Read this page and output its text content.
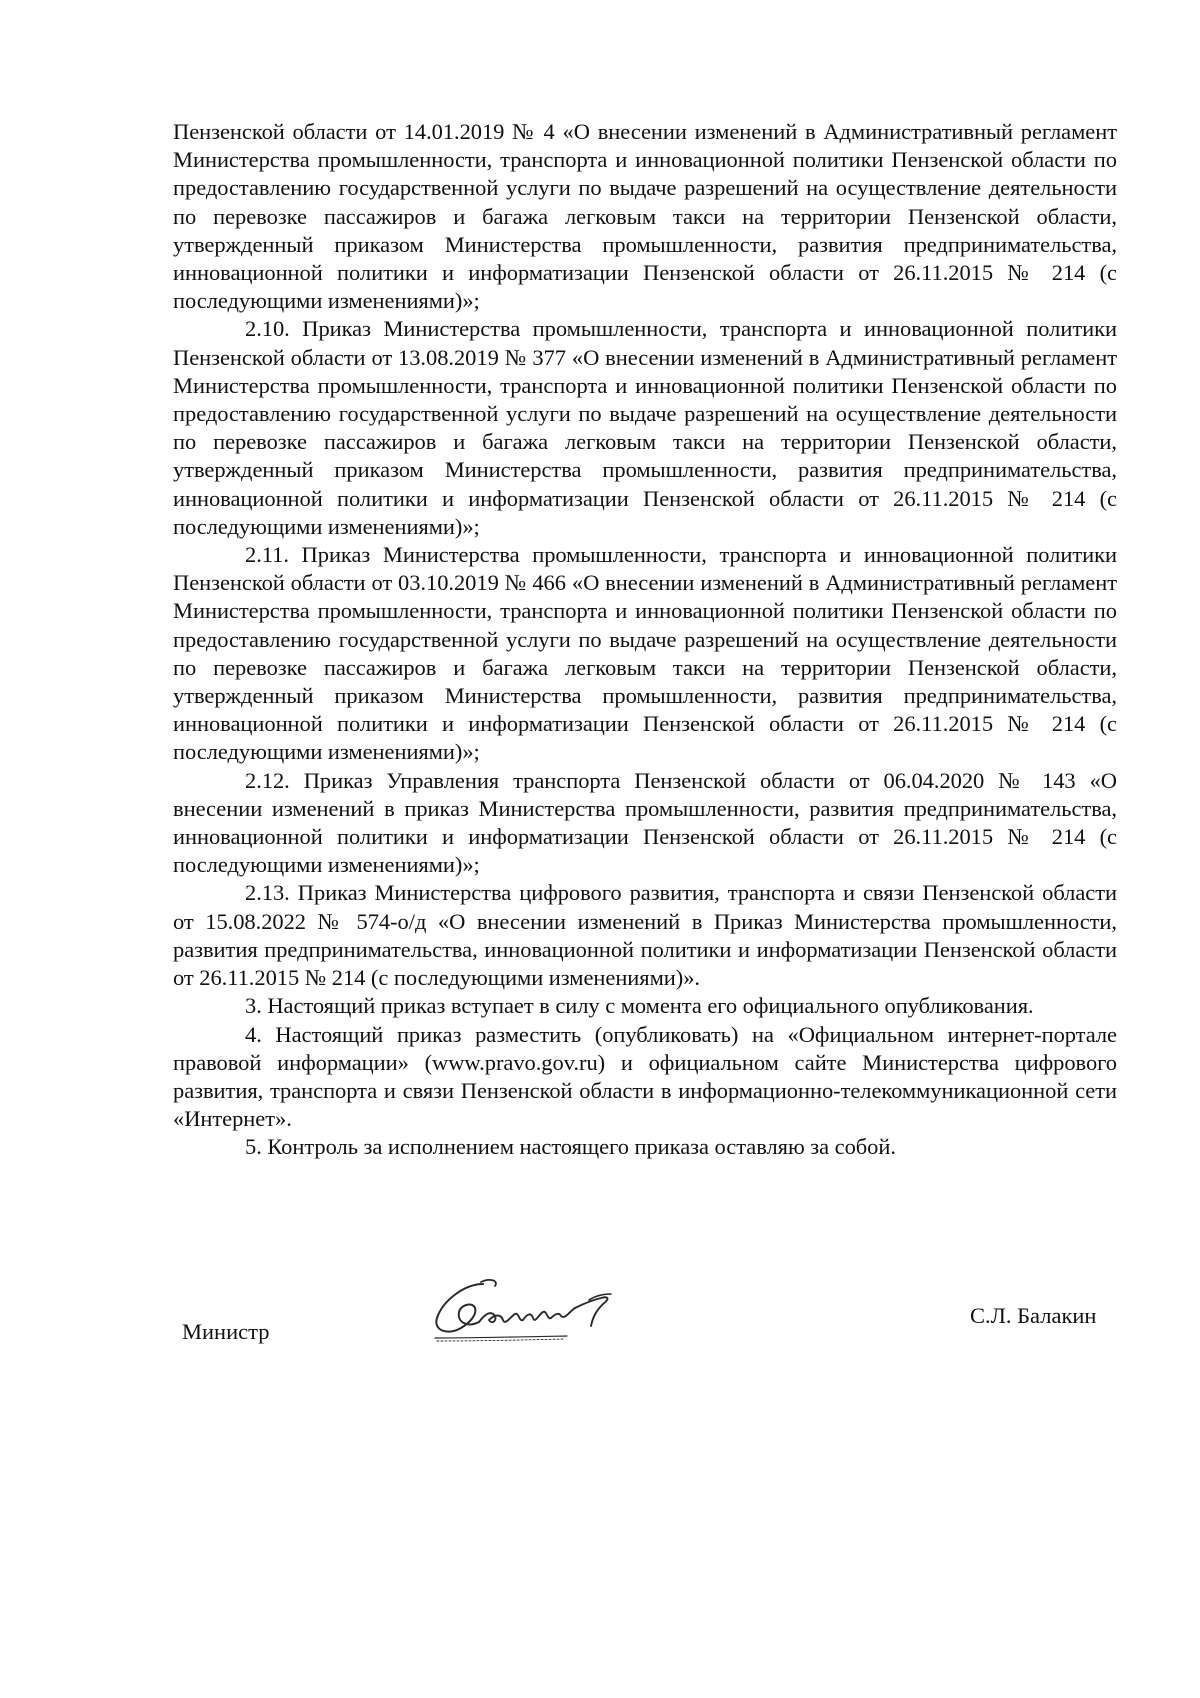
Пензенской области от 14.01.2019 № 4 «О внесении изменений в Административный регламент Министерства промышленности, транспорта и инновационной политики Пензенской области по предоставлению государственной услуги по выдаче разрешений на осуществление деятельности по перевозке пассажиров и багажа легковым такси на территории Пензенской области, утвержденный приказом Министерства промышленности, развития предпринимательства, инновационной политики и информатизации Пензенской области от 26.11.2015 № 214 (с последующими изменениями)»;

2.10. Приказ Министерства промышленности, транспорта и инновационной политики Пензенской области от 13.08.2019 № 377 «О внесении изменений в Административный регламент Министерства промышленности, транспорта и инновационной политики Пензенской области по предоставлению государственной услуги по выдаче разрешений на осуществление деятельности по перевозке пассажиров и багажа легковым такси на территории Пензенской области, утвержденный приказом Министерства промышленности, развития предпринимательства, инновационной политики и информатизации Пензенской области от 26.11.2015 № 214 (с последующими изменениями)»;

2.11. Приказ Министерства промышленности, транспорта и инновационной политики Пензенской области от 03.10.2019 № 466 «О внесении изменений в Административный регламент Министерства промышленности, транспорта и инновационной политики Пензенской области по предоставлению государственной услуги по выдаче разрешений на осуществление деятельности по перевозке пассажиров и багажа легковым такси на территории Пензенской области, утвержденный приказом Министерства промышленности, развития предпринимательства, инновационной политики и информатизации Пензенской области от 26.11.2015 № 214 (с последующими изменениями)»;

2.12. Приказ Управления транспорта Пензенской области от 06.04.2020 № 143 «О внесении изменений в приказ Министерства промышленности, развития предпринимательства, инновационной политики и информатизации Пензенской области от 26.11.2015 № 214 (с последующими изменениями)»;

2.13. Приказ Министерства цифрового развития, транспорта и связи Пензенской области от 15.08.2022 № 574-о/д «О внесении изменений в Приказ Министерства промышленности, развития предпринимательства, инновационной политики и информатизации Пензенской области от 26.11.2015 № 214 (с последующими изменениями)».

3. Настоящий приказ вступает в силу с момента его официального опубликования.

4. Настоящий приказ разместить (опубликовать) на «Официальном интернет-портале правовой информации» (www.pravo.gov.ru) и официальном сайте Министерства цифрового развития, транспорта и связи Пензенской области в информационно-телекоммуникационной сети «Интернет».

5. Контроль за исполнением настоящего приказа оставляю за собой.

Министр
С.Л. Балакин
